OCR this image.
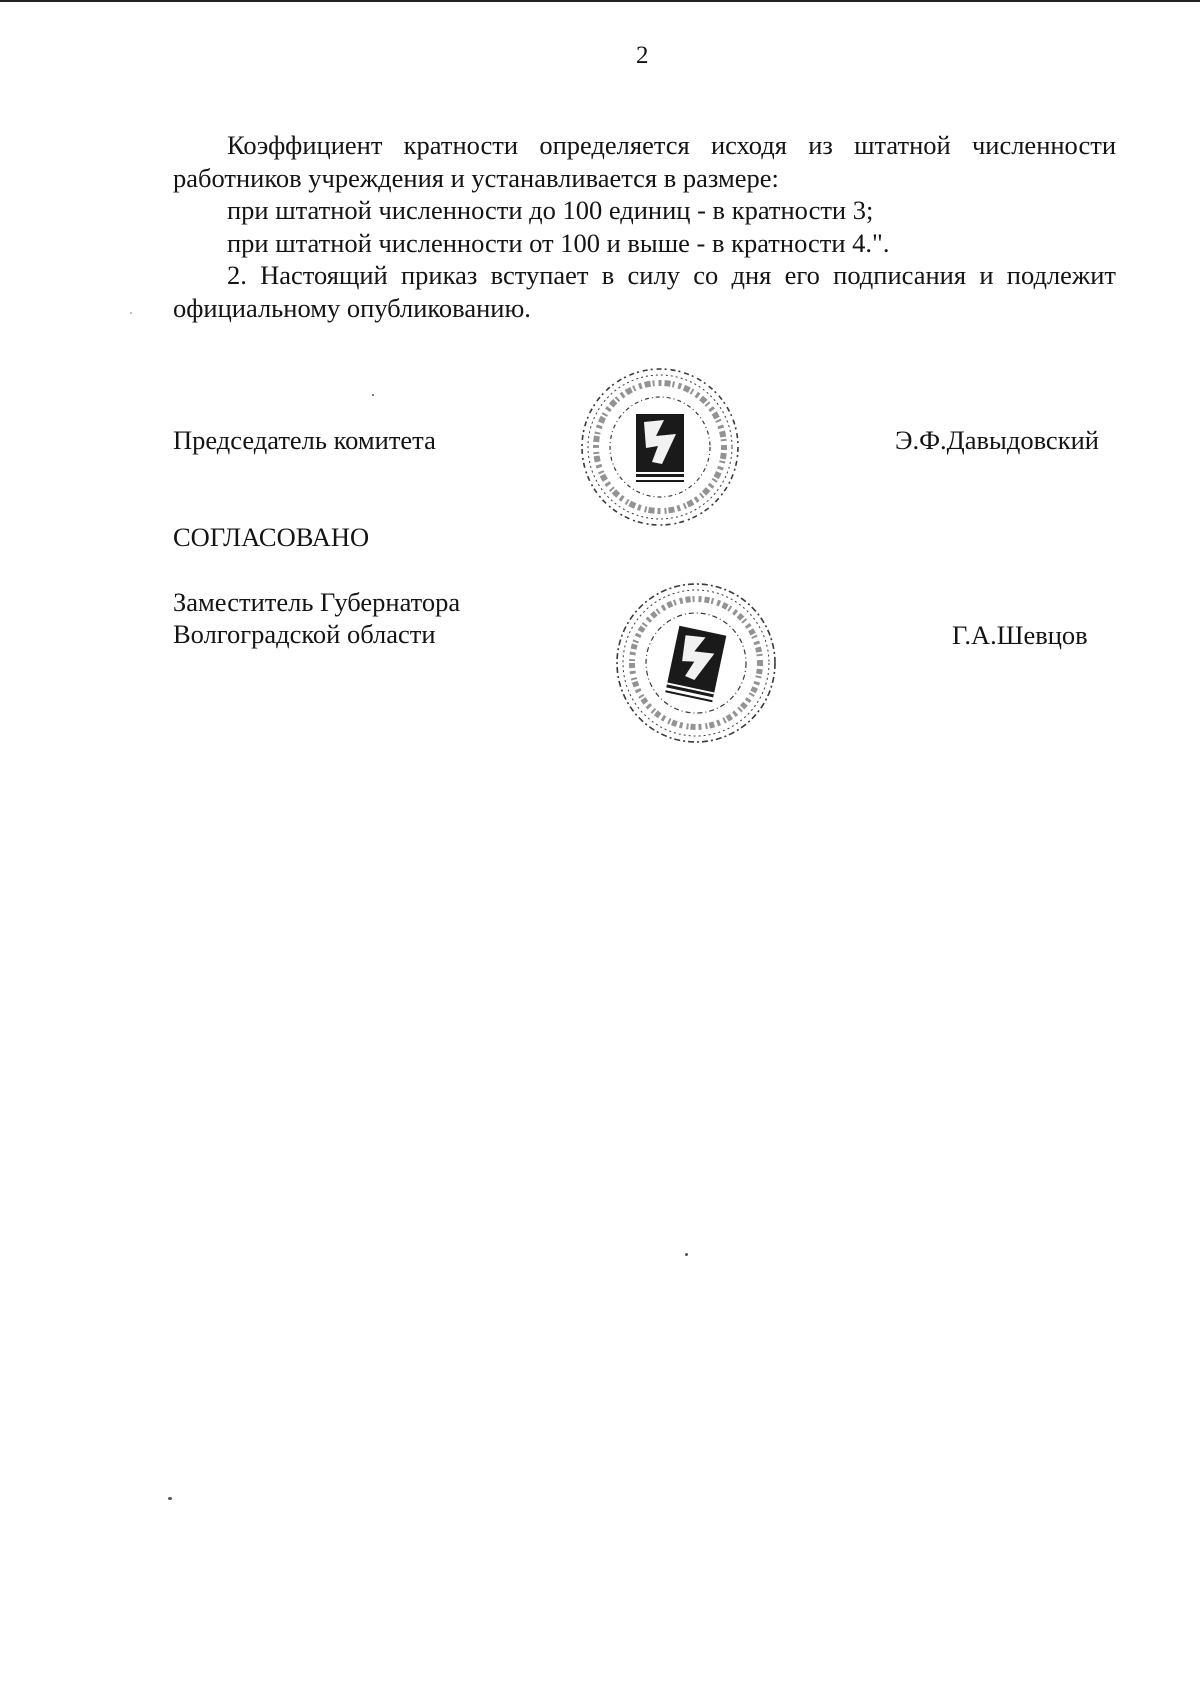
2

Коэффициент кратности определяется исходя из штатной численности работников учреждения и устанавливается в размере:

при штатной численности до 100 единиц - в кратности 3;

при штатной численности от 100 и выше - в кратности 4.".

2. Настоящий приказ вступает в силу со дня его подписания и подлежит официальному опубликованию.

Председатель комитета	Э.Ф.Давыдовский
СОГЛАСОВАНО
Заместитель Губернатора
Волгоградской области	Г.А.Шевцов
